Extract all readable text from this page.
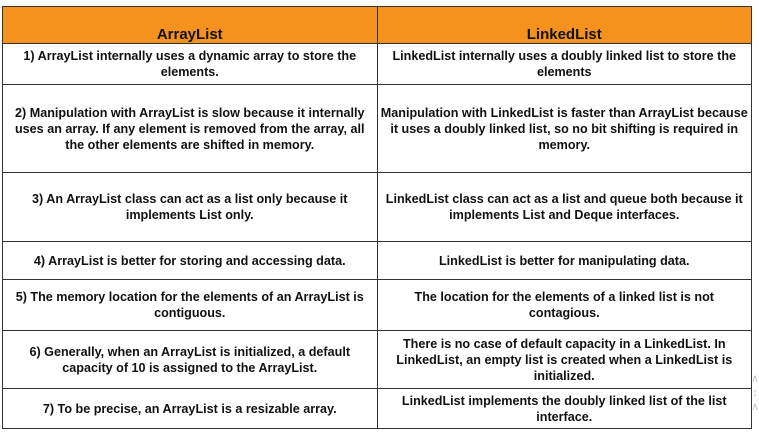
ArrayList	LinkedList
1) ArrayList internally uses a dynamic array to store the elements.	LinkedList internally uses a doubly linked list to store the elements
2) Manipulation with ArrayList is slow because it internally uses an array. If any element is removed from the array, all the other elements are shifted in memory.	Manipulation with LinkedList is faster than ArrayList because it uses a doubly linked list, so no bit shifting is required in memory.
3) An ArrayList class can act as a list only because it implements List only.	LinkedList class can act as a list and queue both because it implements List and Deque interfaces.
4) ArrayList is better for storing and accessing data.	LinkedList is better for manipulating data.
5) The memory location for the elements of an ArrayList is contiguous.	The location for the elements of a linked list is not contagious.
6) Generally, when an ArrayList is initialized, a default capacity of 10 is assigned to the ArrayList.	There is no case of default capacity in a LinkedList. In LinkedList, an empty list is created when a LinkedList is initialized.
7) To be precise, an ArrayList is a resizable array.	LinkedList implements the doubly linked list of the list interface.
∧
↕
∧
